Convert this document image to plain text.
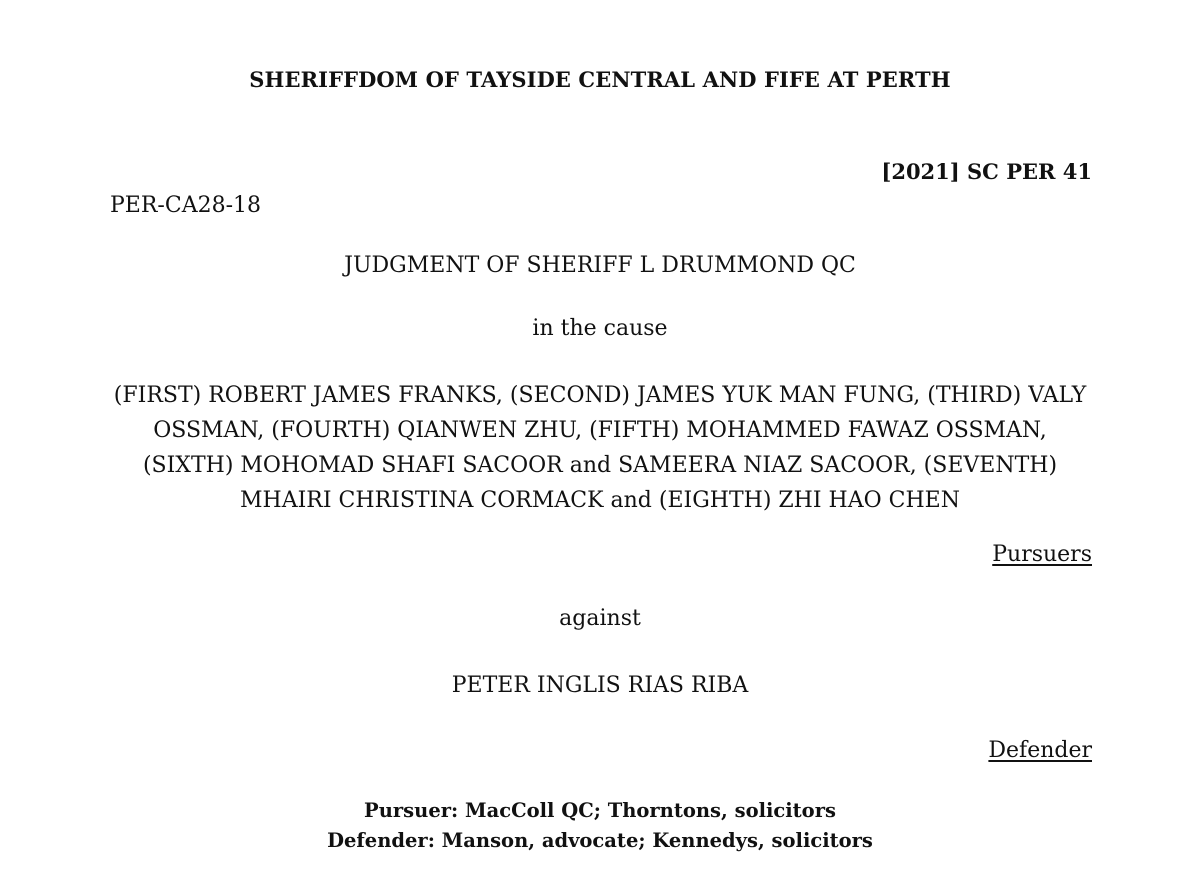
SHERIFFDOM OF TAYSIDE CENTRAL AND FIFE AT PERTH
[2021] SC PER 41
PER-CA28-18
JUDGMENT OF SHERIFF L DRUMMOND QC
in the cause
(FIRST) ROBERT JAMES FRANKS, (SECOND) JAMES YUK MAN FUNG, (THIRD) VALY
OSSMAN, (FOURTH) QIANWEN ZHU, (FIFTH) MOHAMMED FAWAZ OSSMAN,
(SIXTH) MOHOMAD SHAFI SACOOR and SAMEERA NIAZ SACOOR, (SEVENTH)
MHAIRI CHRISTINA CORMACK and (EIGHTH) ZHI HAO CHEN
Pursuers
against
PETER INGLIS RIAS RIBA
Defender
Pursuer: MacColl QC; Thorntons, solicitors
Defender: Manson, advocate; Kennedys, solicitors
